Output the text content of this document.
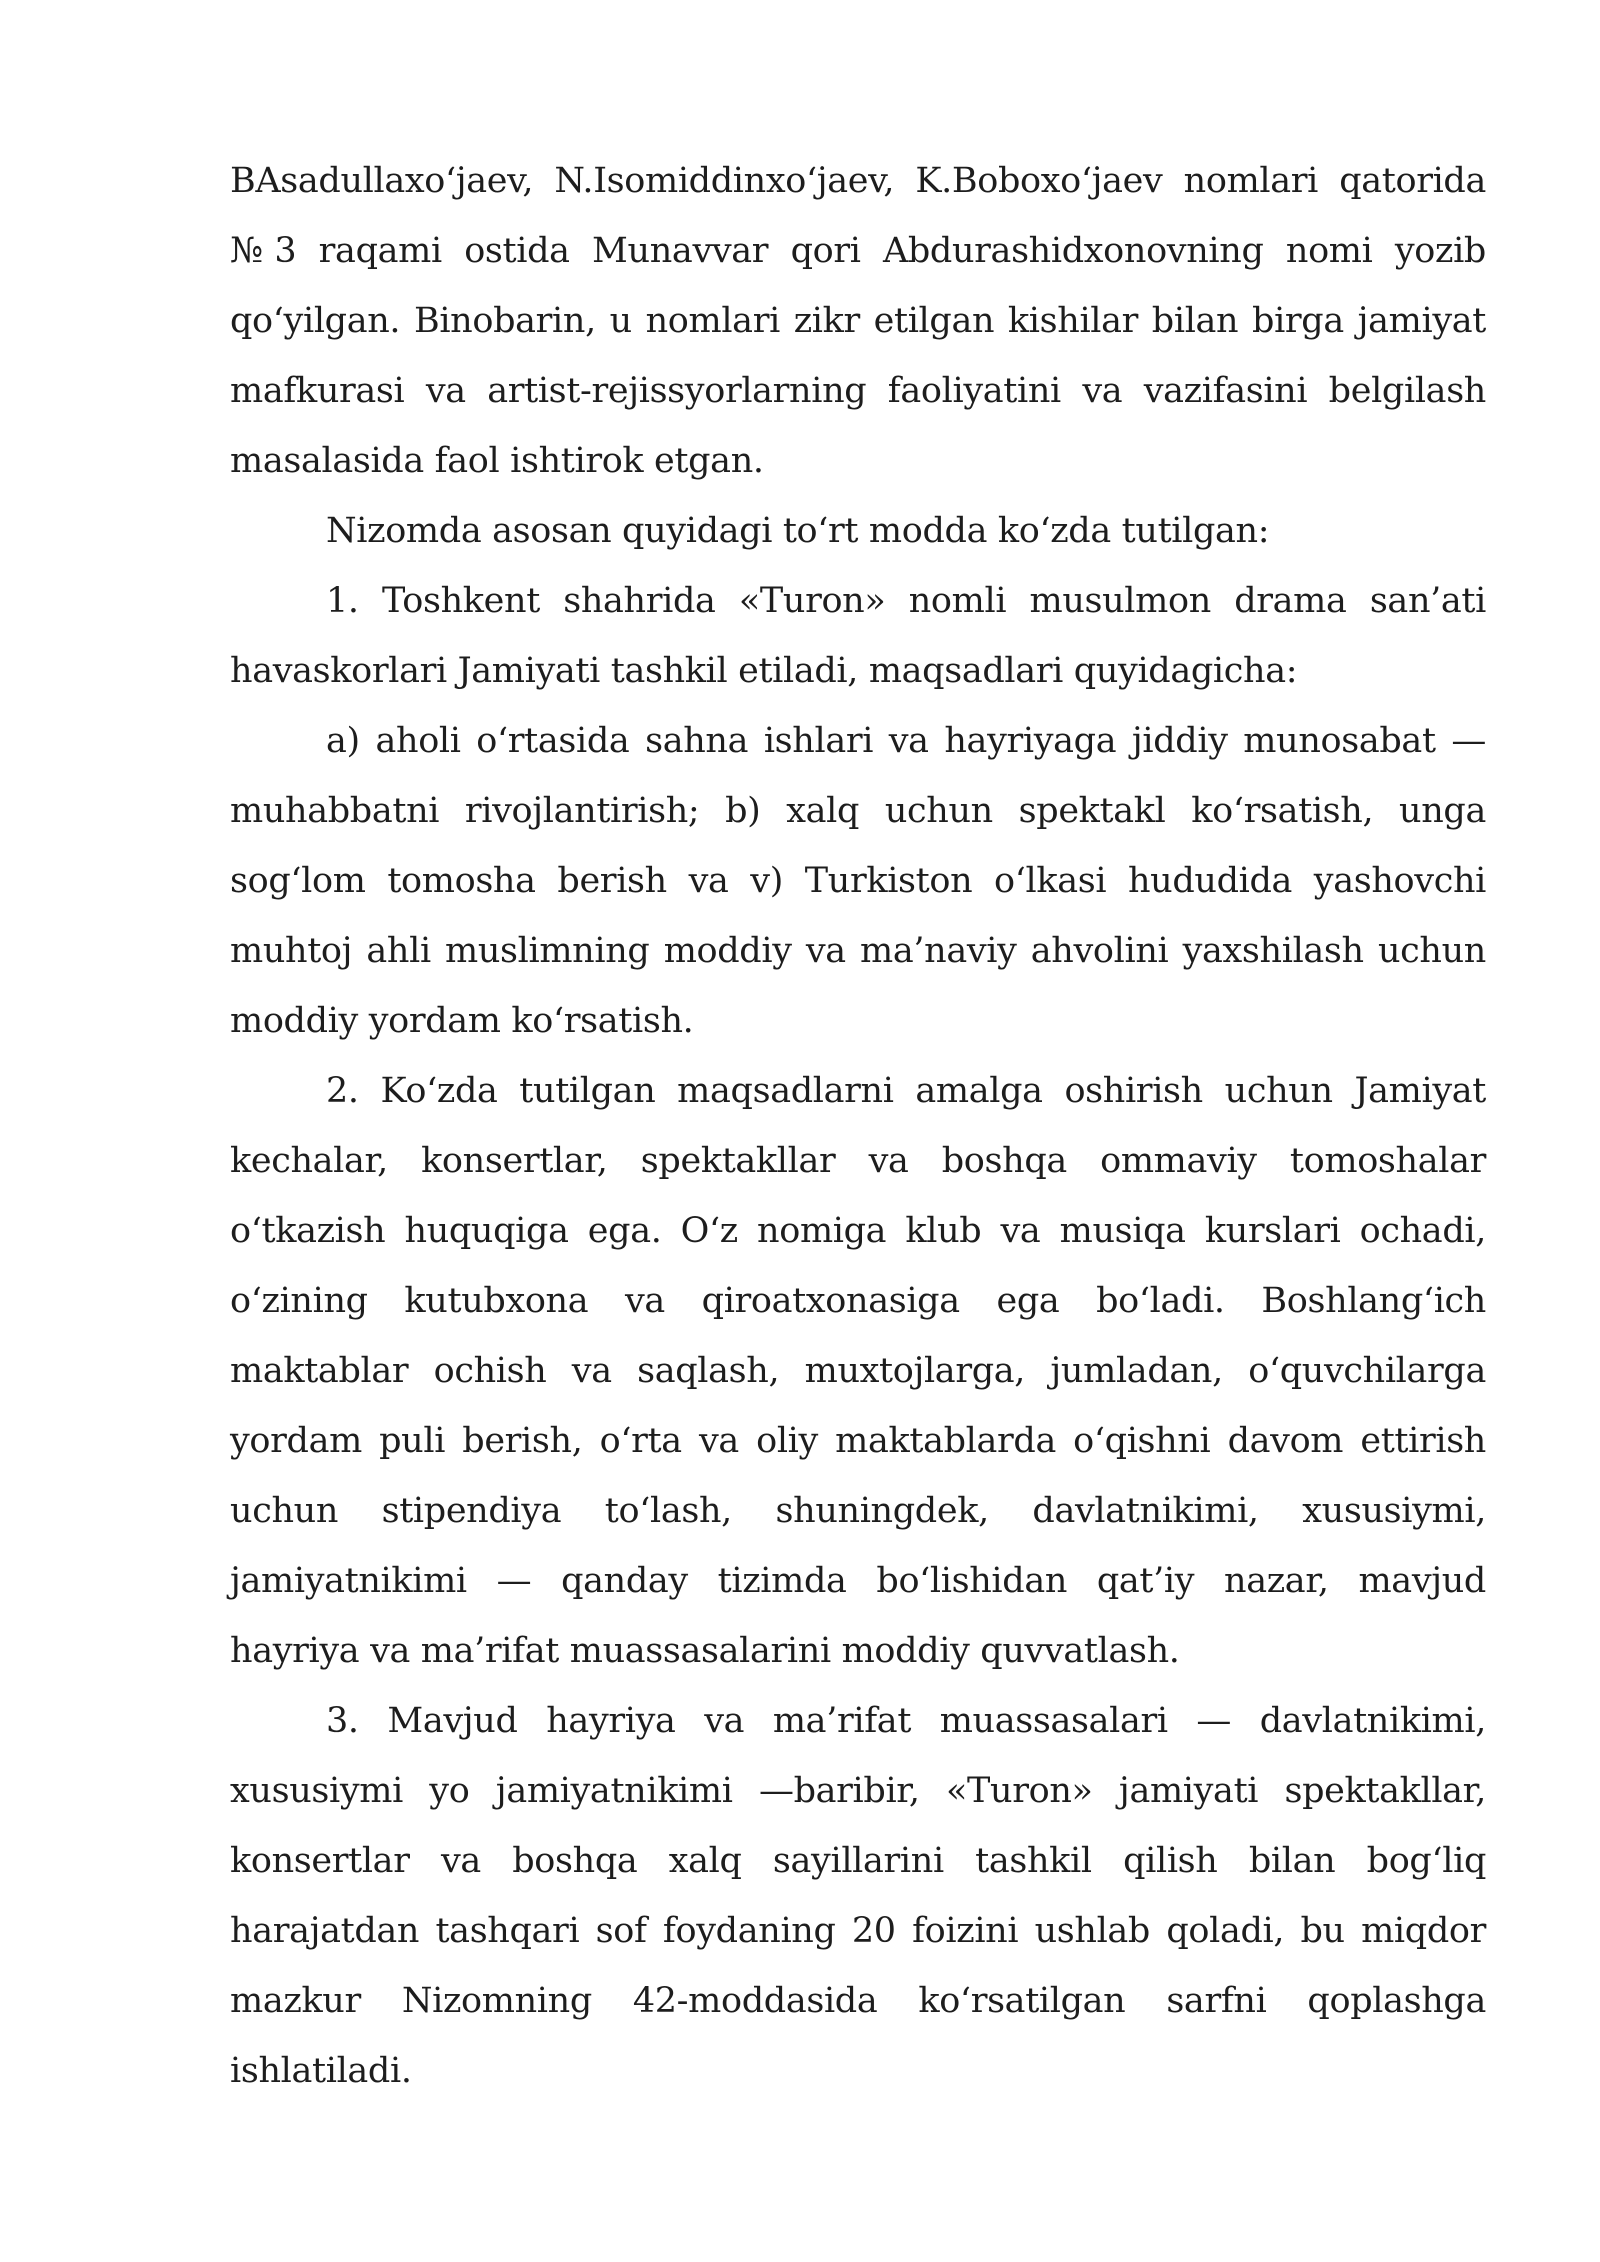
BAsadullaxo‘jaev, N.Isomiddinxo‘jaev, K.Boboxo‘jaev nomlari qatorida №3 raqami ostida Munavvar qori Abdurashidxonovning nomi yozib qo‘yilgan. Binobarin, u nomlari zikr etilgan kishilar bilan birga jamiyat mafkurasi va artist-rejissyorlarning faoliyatini va vazifasini belgilash masalasida faol ishtirok etgan.

Nizomda asosan quyidagi to‘rt modda ko‘zda tutilgan:

1. Toshkent shahrida «Turon» nomli musulmon drama san’ati havaskorlari Jamiyati tashkil etiladi, maqsadlari quyidagicha:

a) aholi o‘rtasida sahna ishlari va hayriyaga jiddiy munosabat — muhabbatni rivojlantirish; b) xalq uchun spektakl ko‘rsatish, unga sog‘lom tomosha berish va v) Turkiston o‘lkasi hududida yashovchi muhtoj ahli muslimning moddiy va ma’naviy ahvolini yaxshilash uchun moddiy yordam ko‘rsatish.

2. Ko‘zda tutilgan maqsadlarni amalga oshirish uchun Jamiyat kechalar, konsertlar, spektakllar va boshqa ommaviy tomoshalar o‘tkazish huquqiga ega. O‘z nomiga klub va musiqa kurslari ochadi, o‘zining kutubxona va qiroatxonasiga ega bo‘ladi. Boshlang‘ich maktablar ochish va saqlash, muxtojlarga, jumladan, o‘quvchilarga yordam puli berish, o‘rta va oliy maktablarda o‘qishni davom ettirish uchun stipendiya to‘lash, shuningdek, davlatnikimi, xususiymi, jamiyatnikimi — qanday tizimda bo‘lishidan qat’iy nazar, mavjud hayriya va ma’rifat muassasalarini moddiy quvvatlash.

3. Mavjud hayriya va ma’rifat muassasalari — davlatnikimi, xususiymi yo jamiyatnikimi —baribir, «Turon» jamiyati spektakllar, konsertlar va boshqa xalq sayillarini tashkil qilish bilan bog‘liq harajatdan tashqari sof foydaning 20 foizini ushlab qoladi, bu miqdor mazkur Nizomning 42-moddasida ko‘rsatilgan sarfni qoplashga ishlatiladi.
